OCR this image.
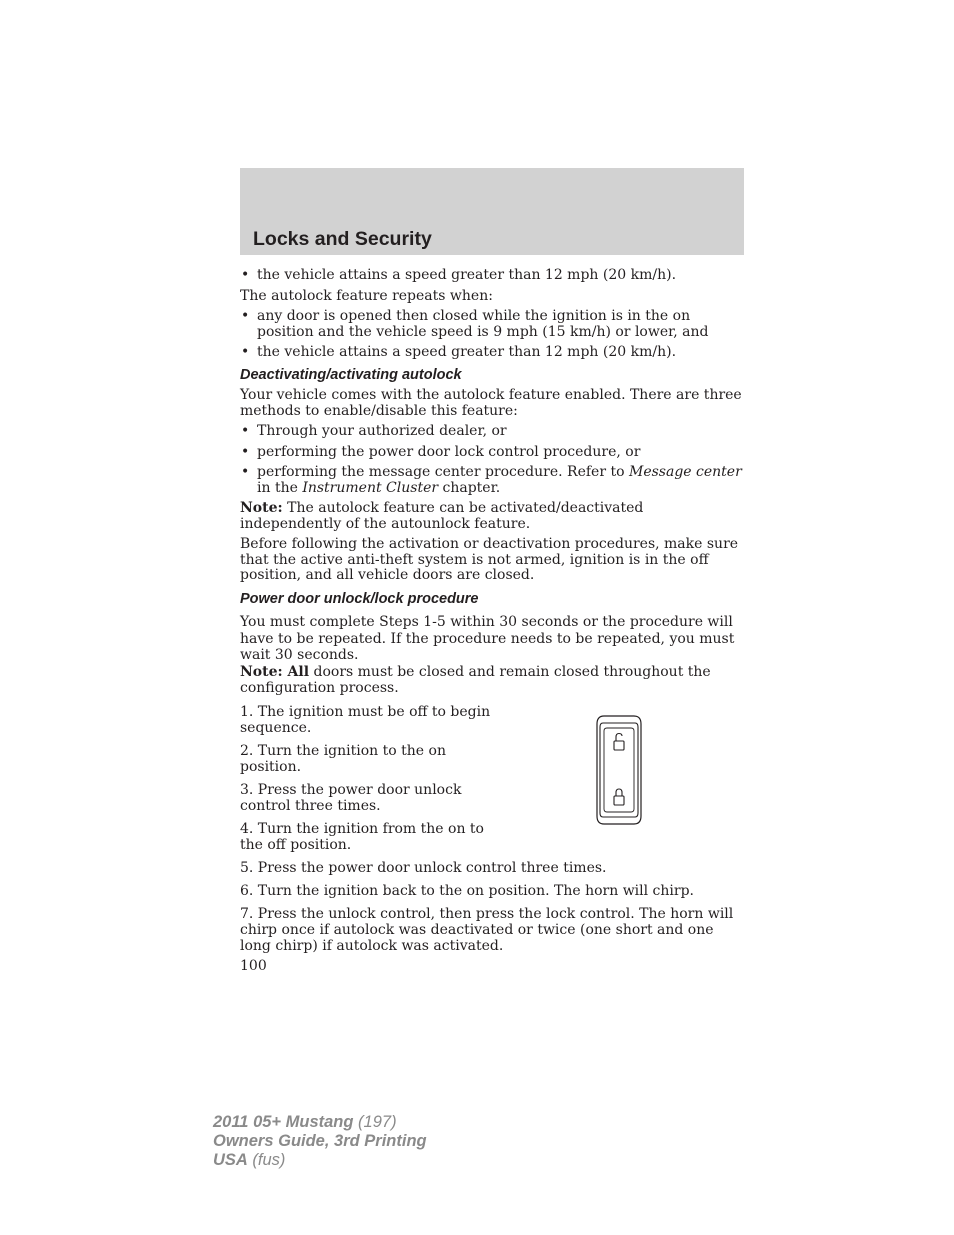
Locks and Security

• the vehicle attains a speed greater than 12 mph (20 km/h).

The autolock feature repeats when:

• any door is opened then closed while the ignition is in the on position and the vehicle speed is 9 mph (15 km/h) or lower, and

• the vehicle attains a speed greater than 12 mph (20 km/h).

Deactivating/activating autolock

Your vehicle comes with the autolock feature enabled. There are three methods to enable/disable this feature:

• Through your authorized dealer, or

• performing the power door lock control procedure, or

• performing the message center procedure. Refer to Message center in the Instrument Cluster chapter.

Note: The autolock feature can be activated/deactivated independently of the autounlock feature.

Before following the activation or deactivation procedures, make sure that the active anti-theft system is not armed, ignition is in the off position, and all vehicle doors are closed.

Power door unlock/lock procedure

You must complete Steps 1-5 within 30 seconds or the procedure will have to be repeated. If the procedure needs to be repeated, you must wait 30 seconds.

Note: All doors must be closed and remain closed throughout the configuration process.

1. The ignition must be off to begin sequence.

2. Turn the ignition to the on position.

3. Press the power door unlock control three times.

4. Turn the ignition from the on to the off position.

5. Press the power door unlock control three times.

6. Turn the ignition back to the on position. The horn will chirp.

7. Press the unlock control, then press the lock control. The horn will chirp once if autolock was deactivated or twice (one short and one long chirp) if autolock was activated.

100

2011 05+ Mustang (197)
Owners Guide, 3rd Printing
USA (fus)
